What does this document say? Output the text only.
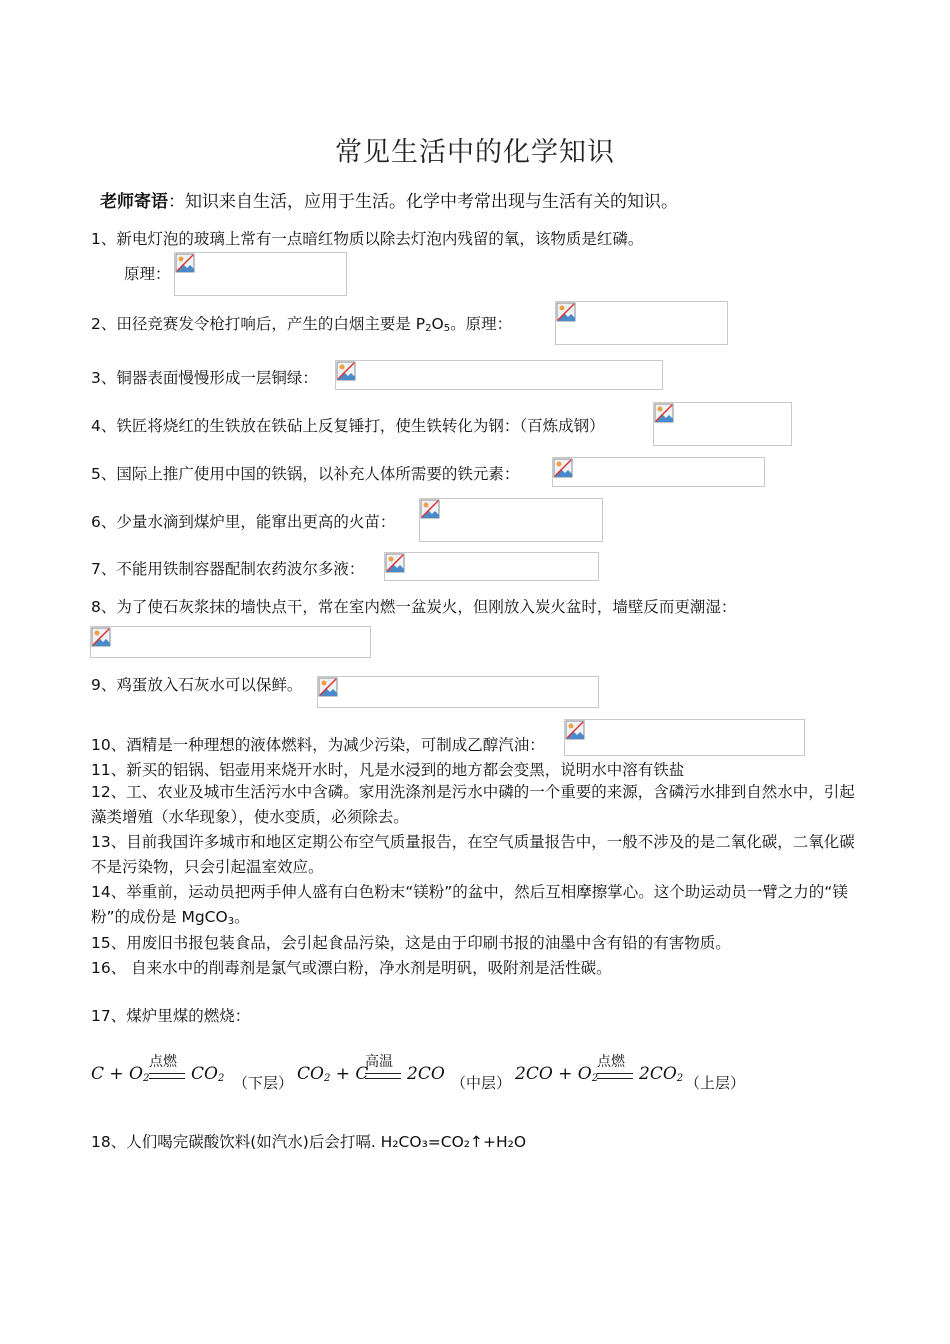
常见生活中的化学知识
老师寄语：知识来自生活，应用于生活。化学中考常出现与生活有关的知识。
1、新电灯泡的玻璃上常有一点暗红物质以除去灯泡内残留的氧，该物质是红磷。
原理：
2、田径竞赛发令枪打响后，产生的白烟主要是 $P_2O_5$。原理：
3、铜器表面慢慢形成一层铜绿：
4、铁匠将烧红的生铁放在铁砧上反复锤打，使生铁转化为钢：（百炼成钢）
5、国际上推广使用中国的铁锅，以补充人体所需要的铁元素：
6、少量水滴到煤炉里，能窜出更高的火苗：
7、不能用铁制容器配制农药波尔多液：
8、为了使石灰浆抹的墙快点干，常在室内燃一盆炭火，但刚放入炭火盆时，墙壁反而更潮湿：
9、鸡蛋放入石灰水可以保鲜。
10、酒精是一种理想的液体燃料，为减少污染，可制成乙醇汽油：
11、新买的铝锅、铝壶用来烧开水时，凡是水浸到的地方都会变黑，说明水中溶有铁盐
12、工、农业及城市生活污水中含磷。家用洗涤剂是污水中磷的一个重要的来源，含磷污水排到自然水中，引起藻类增殖（水华现象），使水变质，必须除去。
13、目前我国许多城市和地区定期公布空气质量报告，在空气质量报告中，一般不涉及的是二氧化碳，二氧化碳不是污染物，只会引起温室效应。
14、举重前，运动员把两手伸人盛有白色粉末“镁粉”的盆中，然后互相摩擦掌心。这个助运动员一臂之力的“镁粉”的成份是 MgCO$_3$。
15、用废旧书报包装食品，会引起食品污染，这是由于印刷书报的油墨中含有铅的有害物质。
16、 自来水中的削毒剂是氯气或漂白粉，净水剂是明矾，吸附剂是活性碳。
17、煤炉里煤的燃烧：
$C + O_2$
点燃
$CO_2$ （下层） $CO_2 + C$
高温
2CO （中层） $2CO + O_2$
点燃
$2CO_2$ （上层）
18、人们喝完碳酸饮料(如汽水)后会打嗝. H₂CO₃=CO₂↑+H₂O
